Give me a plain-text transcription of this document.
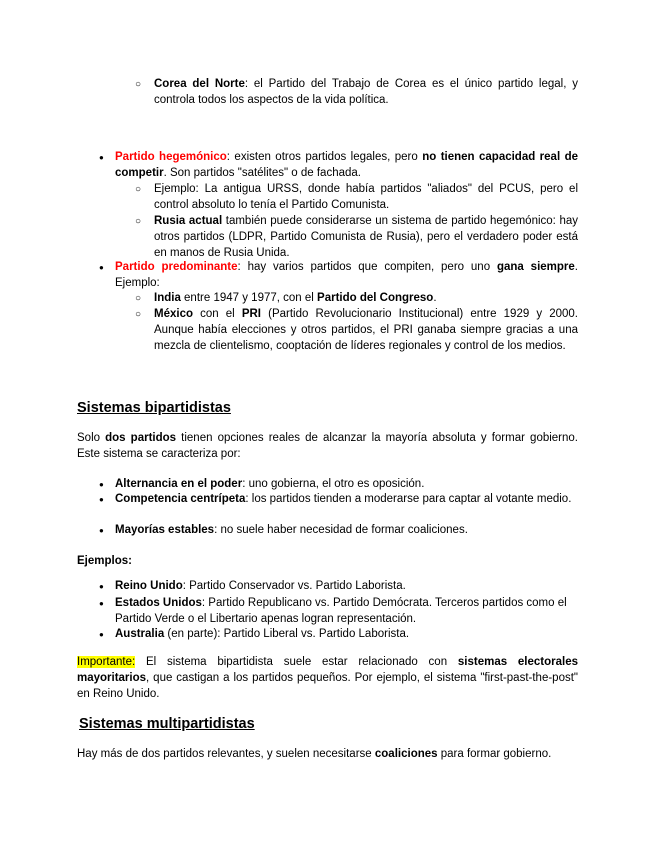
○

Corea del Norte: el Partido del Trabajo de Corea es el único partido legal, y controla todos los aspectos de la vida política.

●

Partido hegemónico: existen otros partidos legales, pero no tienen capacidad real de competir. Son partidos "satélites" o de fachada.

○

Ejemplo: La antigua URSS, donde había partidos "aliados" del PCUS, pero el control absoluto lo tenía el Partido Comunista.

○

Rusia actual también puede considerarse un sistema de partido hegemónico: hay otros partidos (LDPR, Partido Comunista de Rusia), pero el verdadero poder está en manos de Rusia Unida.

●

Partido predominante: hay varios partidos que compiten, pero uno gana siempre. Ejemplo:

○

India entre 1947 y 1977, con el Partido del Congreso.

○

México con el PRI (Partido Revolucionario Institucional) entre 1929 y 2000. Aunque había elecciones y otros partidos, el PRI ganaba siempre gracias a una mezcla de clientelismo, cooptación de líderes regionales y control de los medios.

Sistemas bipartidistas

Solo dos partidos tienen opciones reales de alcanzar la mayoría absoluta y formar gobierno. Este sistema se caracteriza por:

●

Alternancia en el poder: uno gobierna, el otro es oposición.

●

Competencia centrípeta: los partidos tienden a moderarse para captar al votante medio.

●

Mayorías estables: no suele haber necesidad de formar coaliciones.

Ejemplos:

●

Reino Unido: Partido Conservador vs. Partido Laborista.

●

Estados Unidos: Partido Republicano vs. Partido Demócrata. Terceros partidos como el Partido Verde o el Libertario apenas logran representación.

●

Australia (en parte): Partido Liberal vs. Partido Laborista.

Importante: El sistema bipartidista suele estar relacionado con sistemas electorales mayoritarios, que castigan a los partidos pequeños. Por ejemplo, el sistema "first-past-the-post" en Reino Unido.

Sistemas multipartidistas

Hay más de dos partidos relevantes, y suelen necesitarse coaliciones para formar gobierno.
